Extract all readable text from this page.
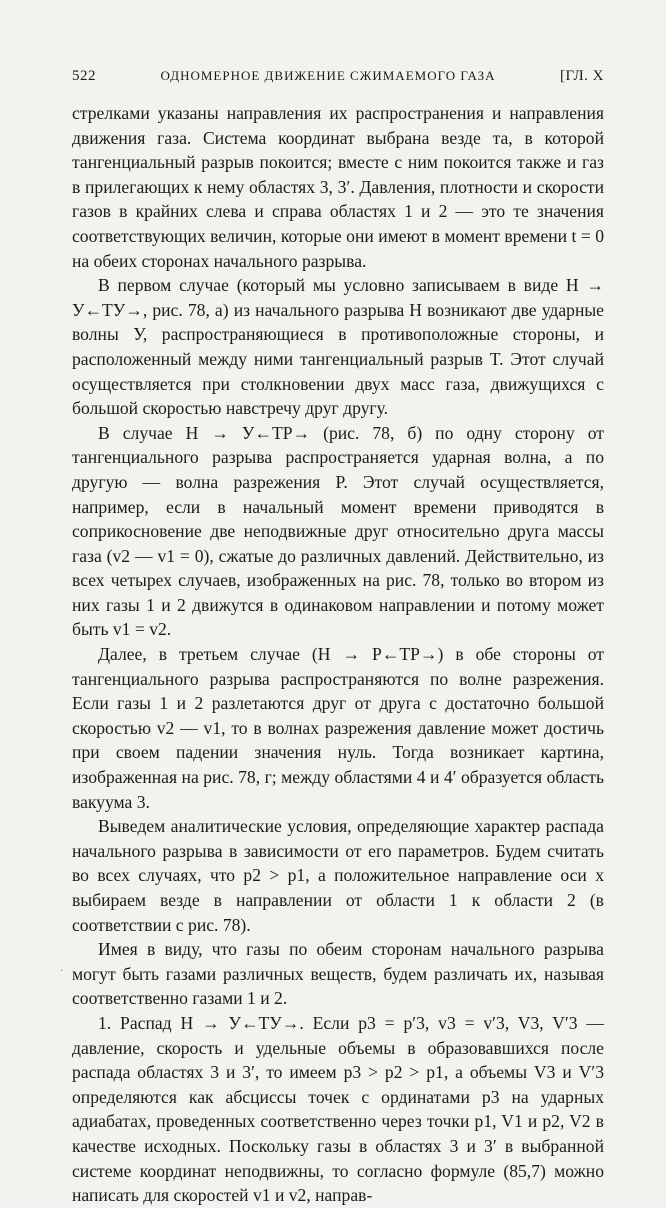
522	ОДНОМЕРНОЕ ДВИЖЕНИЕ СЖИМАЕМОГО ГАЗА	[ГЛ. X

стрелками указаны направления их распространения и направления движения газа. Система координат выбрана везде та, в которой тангенциальный разрыв покоится; вместе с ним покоится также и газ в прилегающих к нему областях 3, 3′. Давления, плотности и скорости газов в крайних слева и справа областях 1 и 2 — это те значения соответствующих величин, которые они имеют в момент времени t = 0 на обеих сторонах начального разрыва.

В первом случае (который мы условно записываем в виде H → У←TУ→, рис. 78, а) из начального разрыва H возникают две ударные волны У, распространяющиеся в противоположные стороны, и расположенный между ними тангенциальный разрыв T. Этот случай осуществляется при столкновении двух масс газа, движущихся с большой скоростью навстречу друг другу.

В случае H → У←TP→ (рис. 78, б) по одну сторону от тангенциального разрыва распространяется ударная волна, а по другую — волна разрежения P. Этот случай осуществляется, например, если в начальный момент времени приводятся в соприкосновение две неподвижные друг относительно друга массы газа (v2 — v1 = 0), сжатые до различных давлений. Действительно, из всех четырех случаев, изображенных на рис. 78, только во втором из них газы 1 и 2 движутся в одинаковом направлении и потому может быть v1 = v2.

Далее, в третьем случае (H → P←TP→) в обе стороны от тангенциального разрыва распространяются по волне разрежения. Если газы 1 и 2 разлетаются друг от друга с достаточно большой скоростью v2 — v1, то в волнах разрежения давление может достичь при своем падении значения нуль. Тогда возникает картина, изображенная на рис. 78, г; между областями 4 и 4′ образуется область вакуума 3.

Выведем аналитические условия, определяющие характер распада начального разрыва в зависимости от его параметров. Будем считать во всех случаях, что p2 > p1, а положительное направление оси x выбираем везде в направлении от области 1 к области 2 (в соответствии с рис. 78).

Имея в виду, что газы по обеим сторонам начального разрыва могут быть газами различных веществ, будем различать их, называя соответственно газами 1 и 2.

1. Распад H → У←TУ→. Если p3 = p′3, v3 = v′3, V3, V′3 — давление, скорость и удельные объемы в образовавшихся после распада областях 3 и 3′, то имеем p3 > p2 > p1, а объемы V3 и V′3 определяются как абсциссы точек с ординатами p3 на ударных адиабатах, проведенных соответственно через точки p1, V1 и p2, V2 в качестве исходных. Поскольку газы в областях 3 и 3′ в выбранной системе координат неподвижны, то согласно формуле (85,7) можно написать для скоростей v1 и v2, направ-

·
